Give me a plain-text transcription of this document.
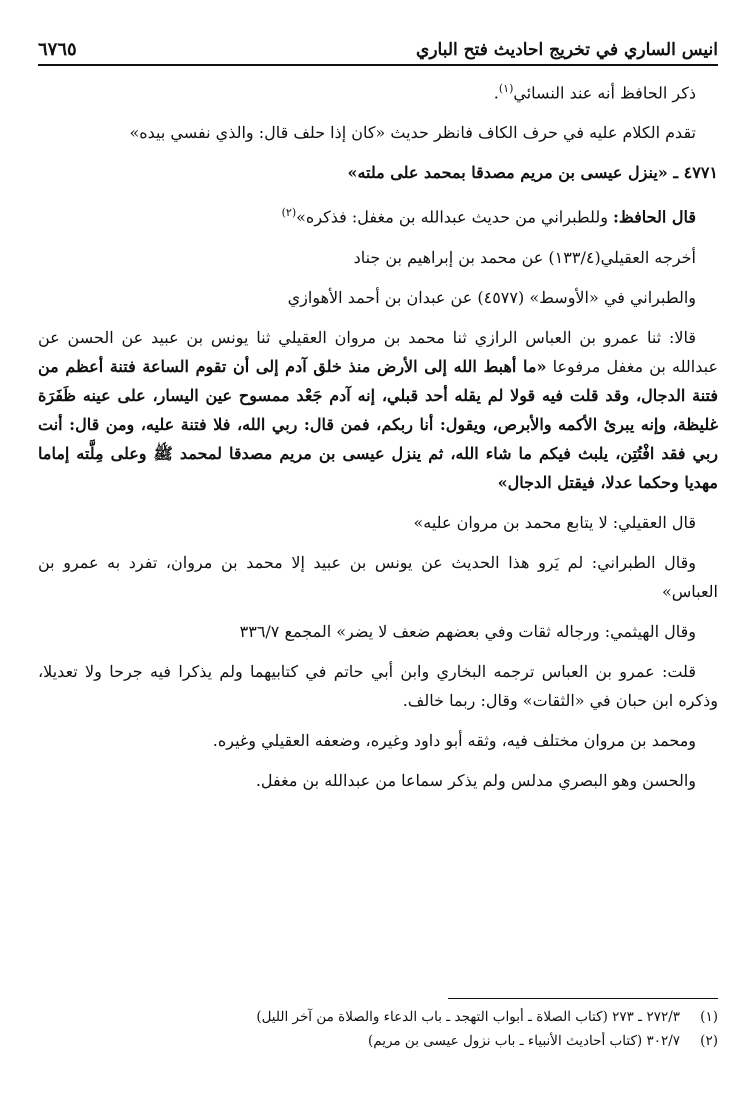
انيس الساري في تخريج احاديث فتح الباري
٦٧٦٥

ذكر الحافظ أنه عند النسائي$^{(١)}$.

تقدم الكلام عليه في حرف الكاف فانظر حديث «كان إذا حلف قال: والذي نفسي بيده»

٤٧٧١ ـ «ينزل عيسى بن مريم مصدقا بمحمد على ملته»

قال الحافظ: وللطبراني من حديث عبدالله بن مغفل: فذكره»$^{(٢)}$

أخرجه العقيلي(١٣٣/٤) عن محمد بن إبراهيم بن جناد

والطبراني في «الأوسط» (٤٥٧٧) عن عبدان بن أحمد الأهوازي

قالا: ثنا عمرو بن العباس الرازي ثنا محمد بن مروان العقيلي ثنا يونس بن عبيد عن الحسن عن عبدالله بن مغفل مرفوعا «ما أهبط الله إلى الأرض منذ خلق آدم إلى أن تقوم الساعة فتنة أعظم من فتنة الدجال، وقد قلت فيه قولا لم يقله أحد قبلي، إنه آدم جَعْد ممسوح عين اليسار، على عينه ظَفَرَة غليظة، وإنه يبرئ الأكمه والأبرص، ويقول: أنا ربكم، فمن قال: ربي الله، فلا فتنة عليه، ومن قال: أنت ربي فقد افْتُتِن، يلبث فيكم ما شاء الله، ثم ينزل عيسى بن مريم مصدقا لمحمد ﷺ وعلى مِلَّته إماما مهديا وحكما عدلا، فيقتل الدجال»

قال العقيلي: لا يتابع محمد بن مروان عليه»

وقال الطبراني: لم يَرو هذا الحديث عن يونس بن عبيد إلا محمد بن مروان، تفرد به عمرو بن العباس»

وقال الهيثمي: ورجاله ثقات وفي بعضهم ضعف لا يضر» المجمع ٣٣٦/٧

قلت: عمرو بن العباس ترجمه البخاري وابن أبي حاتم في كتابيهما ولم يذكرا فيه جرحا ولا تعديلا، وذكره ابن حبان في «الثقات» وقال: ربما خالف.

ومحمد بن مروان مختلف فيه، وثقه أبو داود وغيره، وضعفه العقيلي وغيره.

والحسن وهو البصري مدلس ولم يذكر سماعا من عبدالله بن مغفل.

(١)٢٧٢/٣ ـ ٢٧٣ (كتاب الصلاة ـ أبواب التهجد ـ باب الدعاء والصلاة من آخر الليل)

(٢)٣٠٢/٧ (كتاب أحاديث الأنبياء ـ باب نزول عيسى بن مريم)
